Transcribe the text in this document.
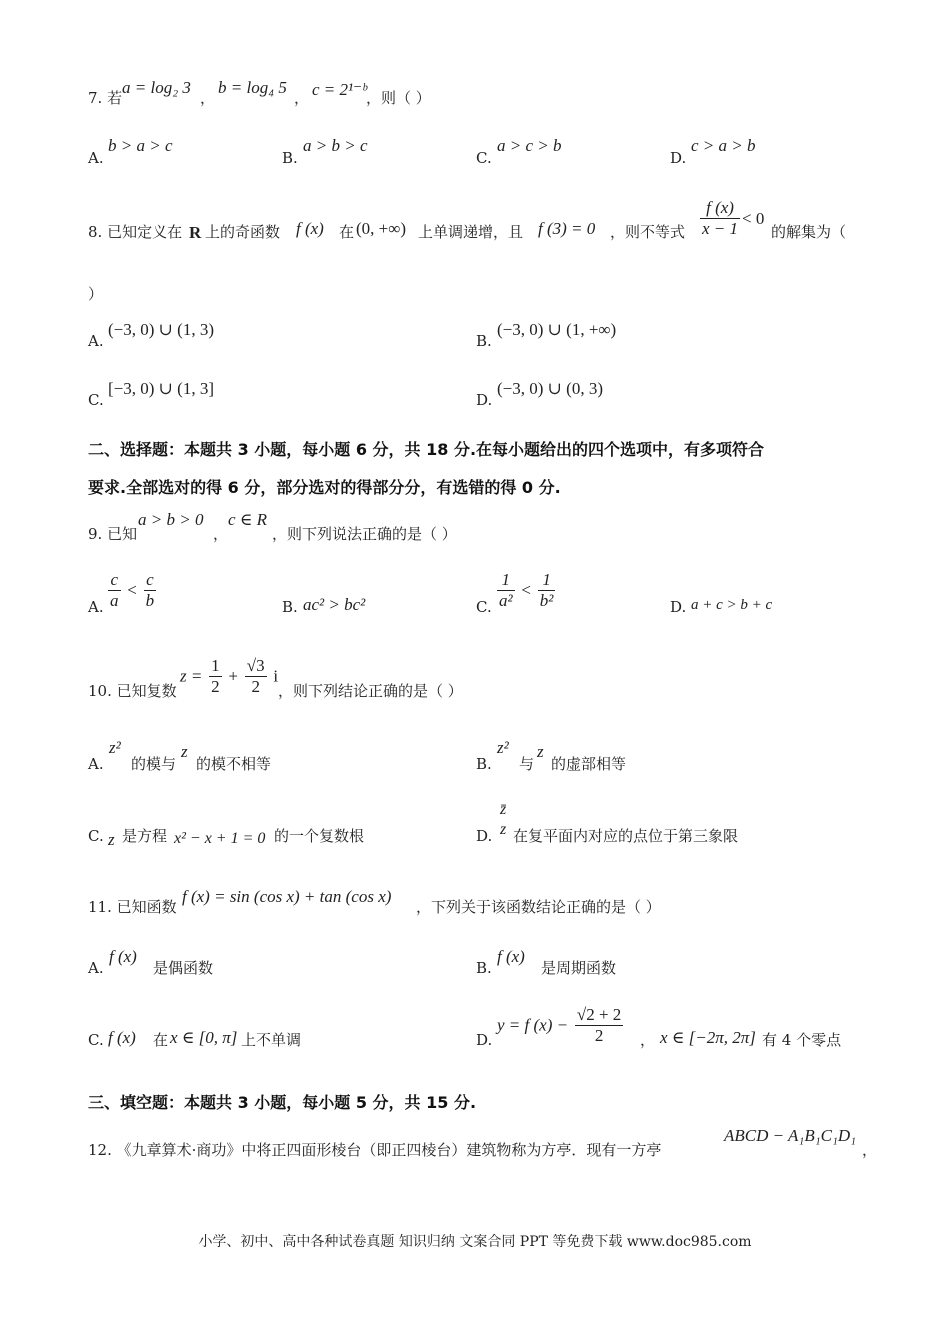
7. 若
a = log₂ 3
，
b = log₄ 5
， c = 2¹⁻ᵇ ，则（ ）
A.
b > a > c
B.
a > b > c
C.
a > c > b
D.
c > a > b
8. 已知定义在 R 上的奇函数 f (x) 在 (0, +∞) 上单调递增，且 f (3) = 0 ，则不等式 $\frac{f (x)}{x - 1} < 0$
的解集为（
）
A.
(−3, 0) ∪ (1, 3)
B.
(−3, 0) ∪ (1, +∞)
C.
[−3, 0) ∪ (1, 3]
D.
(−3, 0) ∪ (0, 3)
二、选择题：本题共 3 小题，每小题 6 分，共 18 分.在每小题给出的四个选项中，有多项符合
要求.全部选对的得 6 分，部分选对的得部分分，有选错的得 0 分.
9. 已知
a > b > 0
，
c ∈ R
，则下列说法正确的是（ ）
A. $\frac{c}{a} < \frac{c}{b}$	B. ac² > bc²	C. $\frac{1}{\text{a²}} < \frac{1}{\text{b²}}$	D. a + c > b + c
10. 已知复数
$z = \frac{1}{2} + \frac{√3}{2}$ i
，则下列结论正确的是（ ）
A.
z²
的模与
z
的模不相等	B.
z²
与
z
的虚部相等
C. z 是方程 x² − x + 1 = 0 的一个复数根	D.
z̄
z 在复平面内对应的点位于第三象限
11. 已知函数
f (x) = sin (cos x) + tan (cos x)
，下列关于该函数结论正确的是（ ）
A.
f (x)
是偶函数	B.
f (x)
是周期函数
C. f (x) 在 x ∈ [0, π] 上不单调	D.
y = f $(x) - \frac{√2 + 2}{2}$ ， x ∈ [−2π, 2π] 有 4 个零点
三、填空题：本题共 3 小题，每小题 5 分，共 15 分.
12. 《九章算术·商功》中将正四面形棱台（即正四棱台）建筑物称为方亭．现有一方亭
ABCD − A₁B₁C₁D₁
，
小学、初中、高中各种试卷真题 知识归纳 文案合同 PPT 等免费下载 www.doc985.com
